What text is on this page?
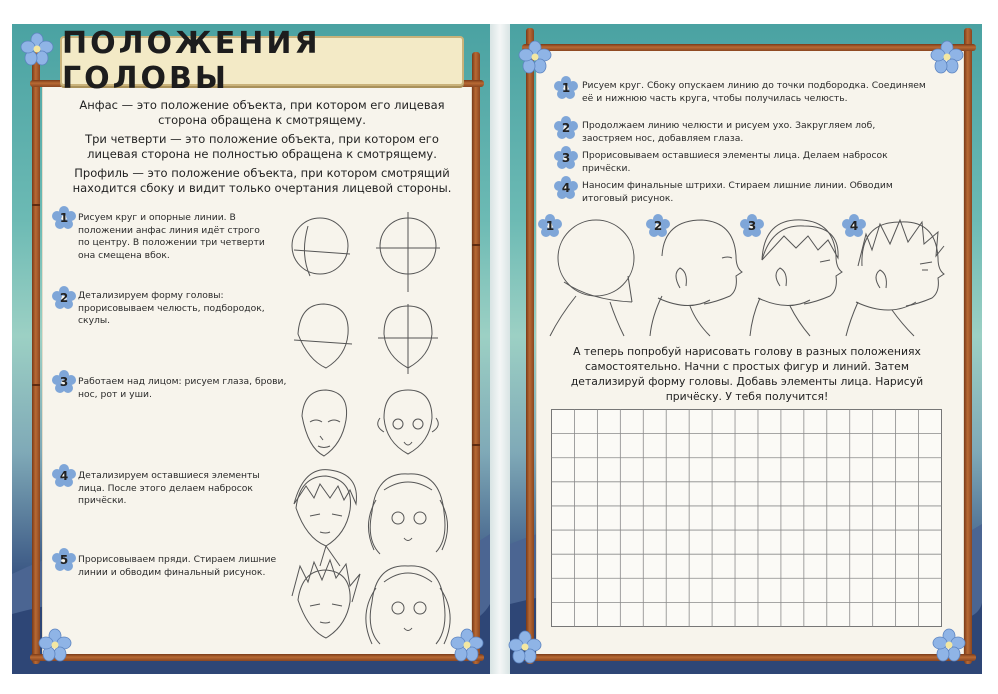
ПОЛОЖЕНИЯ ГОЛОВЫ
Анфас — это положение объекта, при котором его лицевая сторона обращена к смотрящему.
Три четверти — это положение объекта, при котором его лицевая сторона не полностью обращена к смотрящему.
Профиль — это положение объекта, при котором смотрящий находится сбоку и видит только очертания лицевой стороны.
1	Рисуем круг и опорные линии. В положении анфас линия идёт строго по центру. В положении три четверти она смещена вбок.
2	Детализируем форму головы: прорисовываем челюсть, подбородок, скулы.
3	Работаем над лицом: рисуем глаза, брови, нос, рот и уши.
4	Детализируем оставшиеся элементы лица. После этого делаем набросок причёски.
5	Прорисовываем пряди. Стираем лишние линии и обводим финальный рисунок.
1	Рисуем круг. Сбоку опускаем линию до точки подбородка. Соединяем её и нижнюю часть круга, чтобы получилась челюсть.
2	Продолжаем линию челюсти и рисуем ухо. Закругляем лоб, заостряем нос, добавляем глаза.
3	Прорисовываем оставшиеся элементы лица. Делаем набросок причёски.
4	Наносим финальные штрихи. Стираем лишние линии. Обводим итоговый рисунок.
1	2	3	4
А теперь попробуй нарисовать голову в разных положениях самостоятельно. Начни с простых фигур и линий. Затем детализируй форму головы. Добавь элементы лица. Нарисуй причёску. У тебя получится!
